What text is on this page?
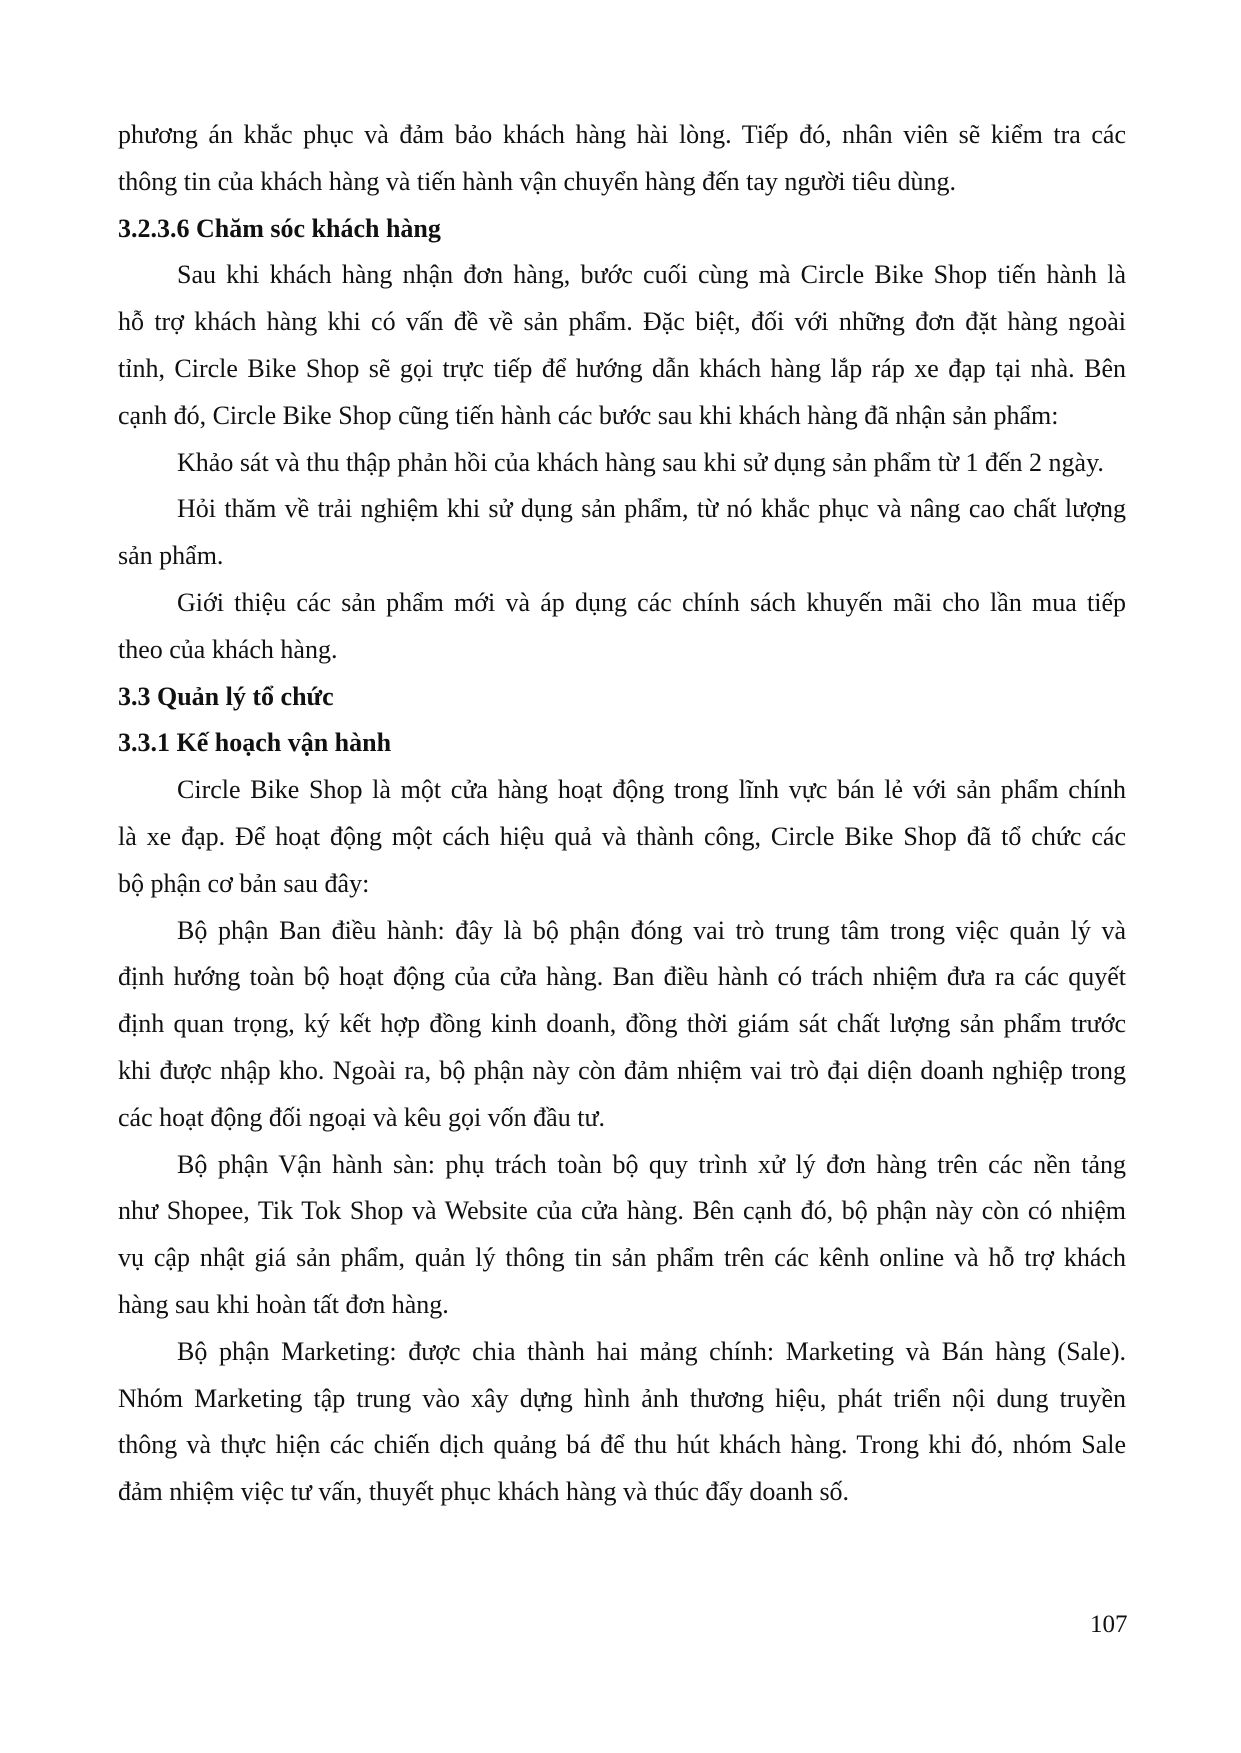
phương án khắc phục và đảm bảo khách hàng hài lòng. Tiếp đó, nhân viên sẽ kiểm tra các
thông tin của khách hàng và tiến hành vận chuyển hàng đến tay người tiêu dùng.
3.2.3.6 Chăm sóc khách hàng
Sau khi khách hàng nhận đơn hàng, bước cuối cùng mà Circle Bike Shop tiến hành là
hỗ trợ khách hàng khi có vấn đề về sản phẩm. Đặc biệt, đối với những đơn đặt hàng ngoài
tỉnh, Circle Bike Shop sẽ gọi trực tiếp để hướng dẫn khách hàng lắp ráp xe đạp tại nhà. Bên
cạnh đó, Circle Bike Shop cũng tiến hành các bước sau khi khách hàng đã nhận sản phẩm:
Khảo sát và thu thập phản hồi của khách hàng sau khi sử dụng sản phẩm từ 1 đến 2 ngày.
Hỏi thăm về trải nghiệm khi sử dụng sản phẩm, từ nó khắc phục và nâng cao chất lượng
sản phẩm.
Giới thiệu các sản phẩm mới và áp dụng các chính sách khuyến mãi cho lần mua tiếp
theo của khách hàng.
3.3 Quản lý tổ chức
3.3.1 Kế hoạch vận hành
Circle Bike Shop là một cửa hàng hoạt động trong lĩnh vực bán lẻ với sản phẩm chính
là xe đạp. Để hoạt động một cách hiệu quả và thành công, Circle Bike Shop đã tổ chức các
bộ phận cơ bản sau đây:
Bộ phận Ban điều hành: đây là bộ phận đóng vai trò trung tâm trong việc quản lý và
định hướng toàn bộ hoạt động của cửa hàng. Ban điều hành có trách nhiệm đưa ra các quyết
định quan trọng, ký kết hợp đồng kinh doanh, đồng thời giám sát chất lượng sản phẩm trước
khi được nhập kho. Ngoài ra, bộ phận này còn đảm nhiệm vai trò đại diện doanh nghiệp trong
các hoạt động đối ngoại và kêu gọi vốn đầu tư.
Bộ phận Vận hành sàn: phụ trách toàn bộ quy trình xử lý đơn hàng trên các nền tảng
như Shopee, Tik Tok Shop và Website của cửa hàng. Bên cạnh đó, bộ phận này còn có nhiệm
vụ cập nhật giá sản phẩm, quản lý thông tin sản phẩm trên các kênh online và hỗ trợ khách
hàng sau khi hoàn tất đơn hàng.
Bộ phận Marketing: được chia thành hai mảng chính: Marketing và Bán hàng (Sale).
Nhóm Marketing tập trung vào xây dựng hình ảnh thương hiệu, phát triển nội dung truyền
thông và thực hiện các chiến dịch quảng bá để thu hút khách hàng. Trong khi đó, nhóm Sale
đảm nhiệm việc tư vấn, thuyết phục khách hàng và thúc đẩy doanh số.
107
